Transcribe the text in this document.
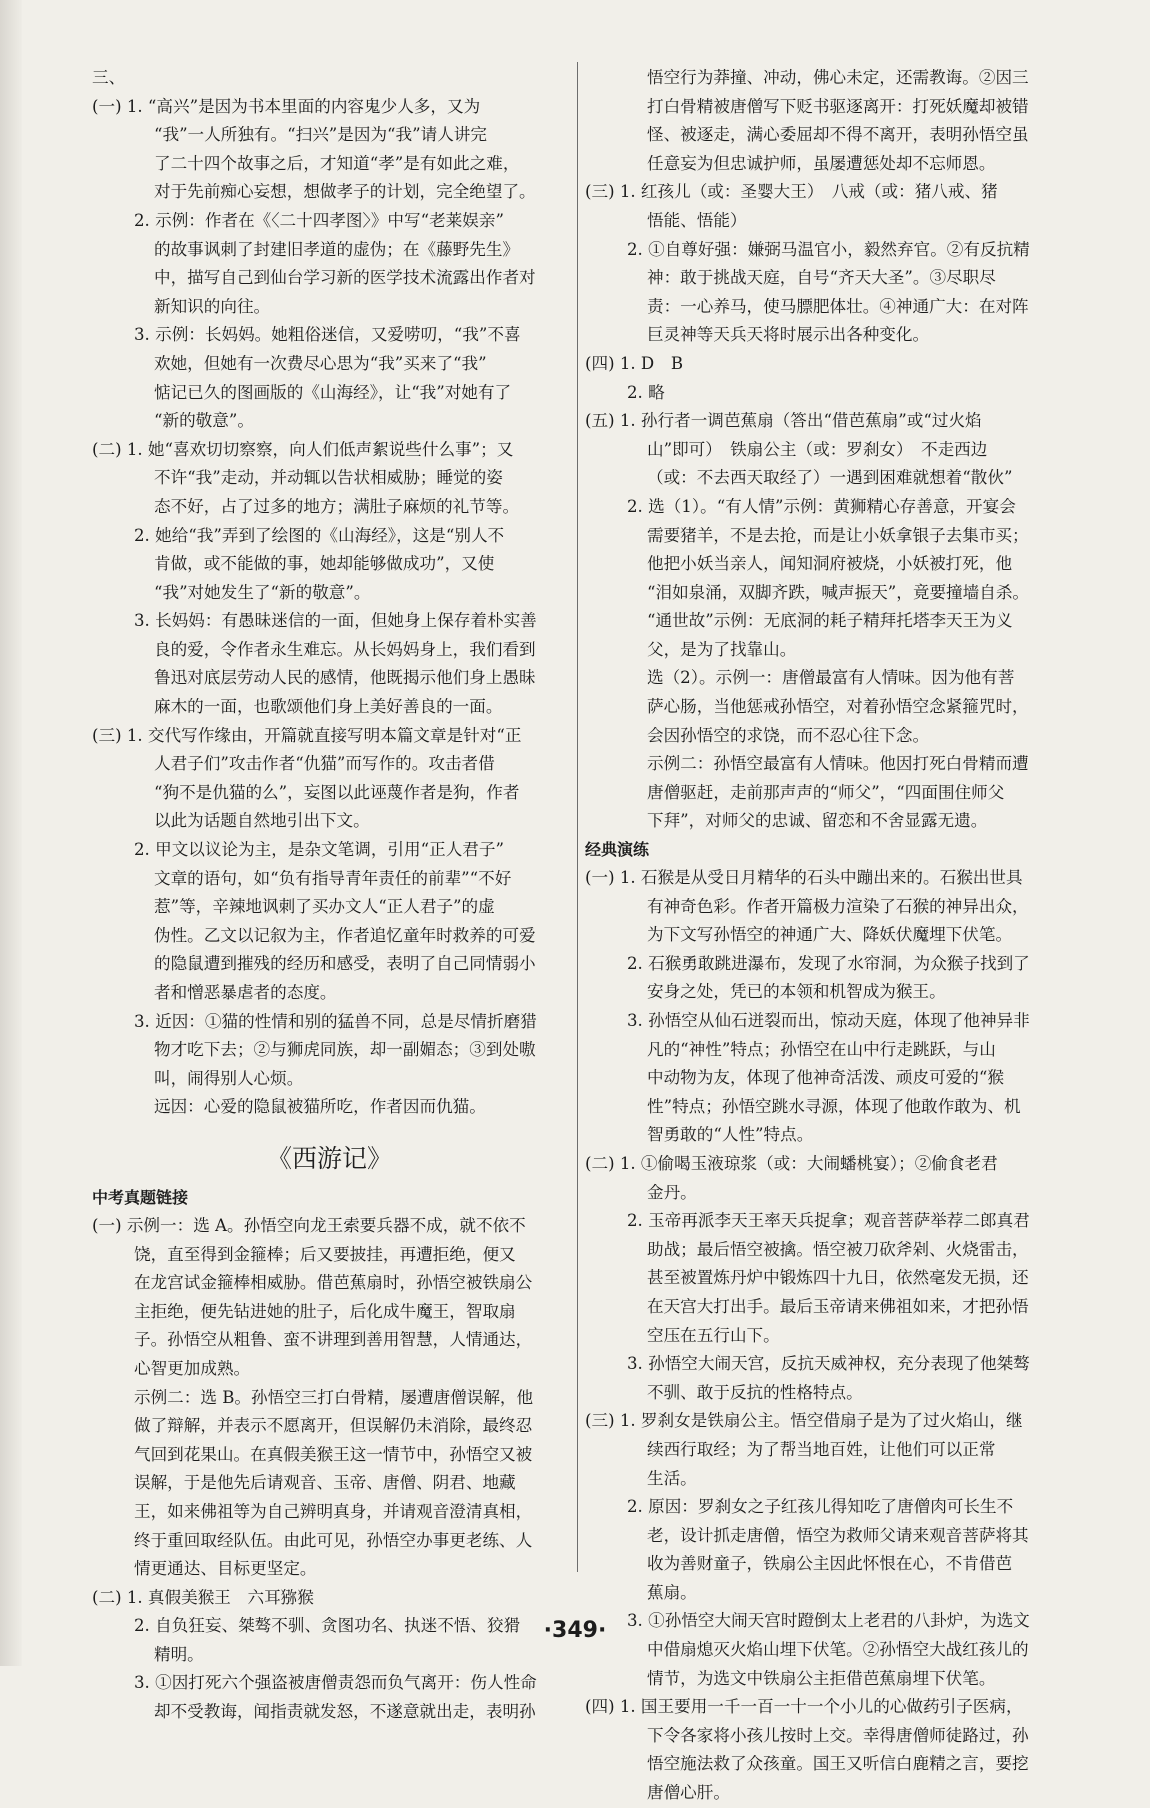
三、
(一) 1. “高兴”是因为书本里面的内容鬼少人多，又为
“我”一人所独有。“扫兴”是因为“我”请人讲完
了二十四个故事之后，才知道“孝”是有如此之难，
对于先前痴心妄想，想做孝子的计划，完全绝望了。
2. 示例：作者在《〈二十四孝图〉》中写“老莱娱亲”
的故事讽刺了封建旧孝道的虚伪；在《藤野先生》
中，描写自己到仙台学习新的医学技术流露出作者对
新知识的向往。
3. 示例：长妈妈。她粗俗迷信，又爱唠叨，“我”不喜
欢她，但她有一次费尽心思为“我”买来了“我”
惦记已久的图画版的《山海经》，让“我”对她有了
“新的敬意”。
(二) 1. 她“喜欢切切察察，向人们低声絮说些什么事”；又
不许“我”走动，并动辄以告状相威胁；睡觉的姿
态不好，占了过多的地方；满肚子麻烦的礼节等。
2. 她给“我”弄到了绘图的《山海经》，这是“别人不
肯做，或不能做的事，她却能够做成功”，又使
“我”对她发生了“新的敬意”。
3. 长妈妈：有愚昧迷信的一面，但她身上保存着朴实善
良的爱，令作者永生难忘。从长妈妈身上，我们看到
鲁迅对底层劳动人民的感情，他既揭示他们身上愚昧
麻木的一面，也歌颂他们身上美好善良的一面。
(三) 1. 交代写作缘由，开篇就直接写明本篇文章是针对“正
人君子们”攻击作者“仇猫”而写作的。攻击者借
“狗不是仇猫的么”，妄图以此诬蔑作者是狗，作者
以此为话题自然地引出下文。
2. 甲文以议论为主，是杂文笔调，引用“正人君子”
文章的语句，如“负有指导青年责任的前辈”“不好
惹”等，辛辣地讽刺了买办文人“正人君子”的虚
伪性。乙文以记叙为主，作者追忆童年时救养的可爱
的隐鼠遭到摧残的经历和感受，表明了自己同情弱小
者和憎恶暴虐者的态度。
3. 近因：①猫的性情和别的猛兽不同，总是尽情折磨猎
物才吃下去；②与狮虎同族，却一副媚态；③到处嗷
叫，闹得别人心烦。
远因：心爱的隐鼠被猫所吃，作者因而仇猫。
《西游记》
中考真题链接
(一) 示例一：选 A。孙悟空向龙王索要兵器不成，就不依不
饶，直至得到金箍棒；后又要披挂，再遭拒绝，便又
在龙宫试金箍棒相威胁。借芭蕉扇时，孙悟空被铁扇公
主拒绝，便先钻进她的肚子，后化成牛魔王，智取扇
子。孙悟空从粗鲁、蛮不讲理到善用智慧，人情通达，
心智更加成熟。
示例二：选 B。孙悟空三打白骨精，屡遭唐僧误解，他
做了辩解，并表示不愿离开，但误解仍未消除，最终忍
气回到花果山。在真假美猴王这一情节中，孙悟空又被
误解，于是他先后请观音、玉帝、唐僧、阴君、地藏
王，如来佛祖等为自己辨明真身，并请观音澄清真相，
终于重回取经队伍。由此可见，孙悟空办事更老练、人
情更通达、目标更坚定。
(二) 1. 真假美猴王　六耳猕猴
2. 自负狂妄、桀骜不驯、贪图功名、执迷不悟、狡猾
精明。
3. ①因打死六个强盗被唐僧责怨而负气离开：伤人性命
却不受教诲，闻指责就发怒，不遂意就出走，表明孙
悟空行为莽撞、冲动，佛心未定，还需教诲。②因三
打白骨精被唐僧写下贬书驱逐离开：打死妖魔却被错
怪、被逐走，满心委屈却不得不离开，表明孙悟空虽
任意妄为但忠诚护师，虽屡遭惩处却不忘师恩。
(三) 1. 红孩儿（或：圣婴大王）　八戒（或：猪八戒、猪
悟能、悟能）
2. ①自尊好强：嫌弼马温官小，毅然弃官。②有反抗精
神：敢于挑战天庭，自号“齐天大圣”。③尽职尽
责：一心养马，使马膘肥体壮。④神通广大：在对阵
巨灵神等天兵天将时展示出各种变化。
(四) 1. D　B
2. 略
(五) 1. 孙行者一调芭蕉扇（答出“借芭蕉扇”或“过火焰
山”即可）　铁扇公主（或：罗刹女）　不走西边
（或：不去西天取经了）一遇到困难就想着“散伙”
2. 选（1）。“有人情”示例：黄狮精心存善意，开宴会
需要猪羊，不是去抢，而是让小妖拿银子去集市买；
他把小妖当亲人，闻知洞府被烧，小妖被打死，他
“泪如泉涌，双脚齐跌，喊声振天”，竟要撞墙自杀。
“通世故”示例：无底洞的耗子精拜托塔李天王为义
父，是为了找靠山。
选（2）。示例一：唐僧最富有人情味。因为他有菩
萨心肠，当他惩戒孙悟空，对着孙悟空念紧箍咒时，
会因孙悟空的求饶，而不忍心往下念。
示例二：孙悟空最富有人情味。他因打死白骨精而遭
唐僧驱赶，走前那声声的“师父”，“四面围住师父
下拜”，对师父的忠诚、留恋和不舍显露无遗。
经典演练
(一) 1. 石猴是从受日月精华的石头中蹦出来的。石猴出世具
有神奇色彩。作者开篇极力渲染了石猴的神异出众，
为下文写孙悟空的神通广大、降妖伏魔埋下伏笔。
2. 石猴勇敢跳进瀑布，发现了水帘洞，为众猴子找到了
安身之处，凭已的本领和机智成为猴王。
3. 孙悟空从仙石迸裂而出，惊动天庭，体现了他神异非
凡的“神性”特点；孙悟空在山中行走跳跃，与山
中动物为友，体现了他神奇活泼、顽皮可爱的“猴
性”特点；孙悟空跳水寻源，体现了他敢作敢为、机
智勇敢的“人性”特点。
(二) 1. ①偷喝玉液琼浆（或：大闹蟠桃宴）；②偷食老君
金丹。
2. 玉帝再派李天王率天兵捉拿；观音菩萨举荐二郎真君
助战；最后悟空被擒。悟空被刀砍斧剁、火烧雷击，
甚至被置炼丹炉中锻炼四十九日，依然毫发无损，还
在天宫大打出手。最后玉帝请来佛祖如来，才把孙悟
空压在五行山下。
3. 孙悟空大闹天宫，反抗天威神权，充分表现了他桀骜
不驯、敢于反抗的性格特点。
(三) 1. 罗刹女是铁扇公主。悟空借扇子是为了过火焰山，继
续西行取经；为了帮当地百姓，让他们可以正常
生活。
2. 原因：罗刹女之子红孩儿得知吃了唐僧肉可长生不
老，设计抓走唐僧，悟空为救师父请来观音菩萨将其
收为善财童子，铁扇公主因此怀恨在心，不肯借芭
蕉扇。
3. ①孙悟空大闹天宫时蹬倒太上老君的八卦炉，为选文
中借扇熄灭火焰山埋下伏笔。②孙悟空大战红孩儿的
情节，为选文中铁扇公主拒借芭蕉扇埋下伏笔。
(四) 1. 国王要用一千一百一十一个小儿的心做药引子医病，
下令各家将小孩儿按时上交。幸得唐僧师徒路过，孙
悟空施法救了众孩童。国王又听信白鹿精之言，要挖
唐僧心肝。
·349·
